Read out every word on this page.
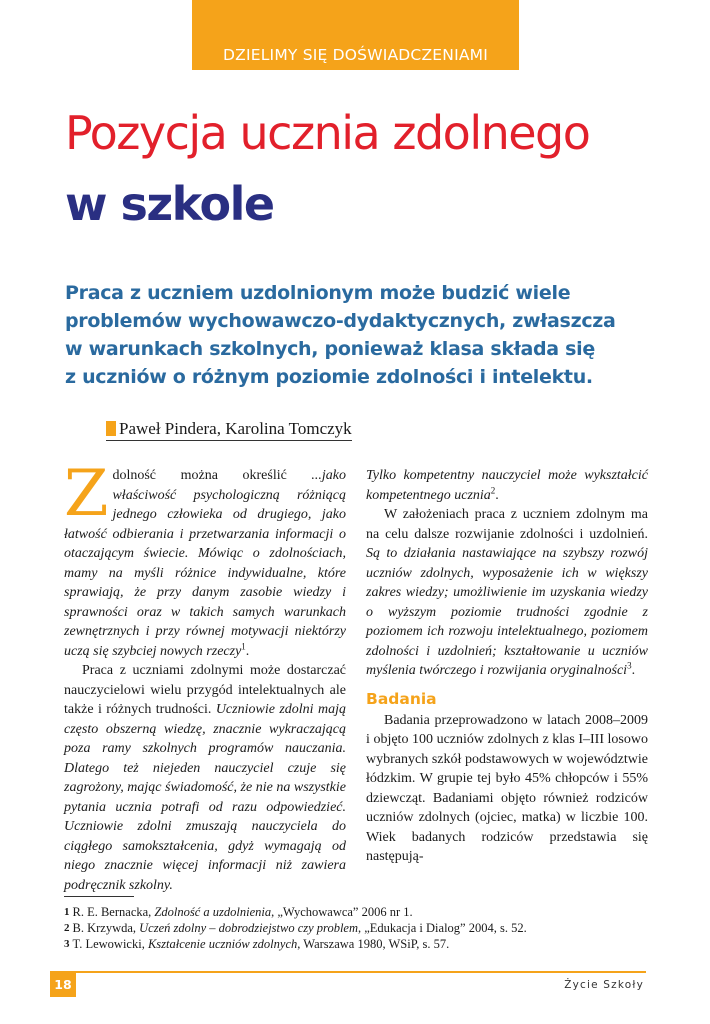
DZIELIMY SIĘ DOŚWIADCZENIAMI
Pozycja ucznia zdolnego
w szkole
Praca z uczniem uzdolnionym może budzić wiele
problemów wychowawczo-dydaktycznych, zwłaszcza
w warunkach szkolnych, ponieważ klasa składa się
z uczniów o różnym poziomie zdolności i intelektu.
Paweł Pindera, Karolina Tomczyk

Zdolność można określić ...jako właściwość psychologiczną różniącą jednego człowieka od drugiego, jako łatwość odbierania i przetwarzania informacji o otaczającym świecie. Mówiąc o zdolnościach, mamy na myśli różnice indywidualne, które sprawiają, że przy danym zasobie wiedzy i sprawności oraz w takich samych warunkach zewnętrznych i przy równej motywacji niektórzy uczą się szybciej nowych rzeczy$^1$.

Praca z uczniami zdolnymi może dostarczać nauczycielowi wielu przygód intelektualnych ale także i różnych trudności. Uczniowie zdolni mają często obszerną wiedzę, znacznie wykraczającą poza ramy szkolnych programów nauczania. Dlatego też niejeden nauczyciel czuje się zagrożony, mając świadomość, że nie na wszystkie pytania ucznia potrafi od razu odpowiedzieć. Uczniowie zdolni zmuszają nauczyciela do ciągłego samokształcenia, gdyż wymagają od niego znacznie więcej informacji niż zawiera podręcznik szkolny.

Tylko kompetentny nauczyciel może wykształcić kompetentnego ucznia$^2$.

W założeniach praca z uczniem zdolnym ma na celu dalsze rozwijanie zdolności i uzdolnień. Są to działania nastawiające na szybszy rozwój uczniów zdolnych, wyposażenie ich w większy zakres wiedzy; umożliwienie im uzyskania wiedzy o wyższym poziomie trudności zgodnie z poziomem ich rozwoju intelektualnego, poziomem zdolności i uzdolnień; kształtowanie u uczniów myślenia twórczego i rozwijania oryginalności$^3$.

Badania

Badania przeprowadzono w latach 2008–2009 i objęto 100 uczniów zdolnych z klas I–III losowo wybranych szkół podstawowych w województwie łódzkim. W grupie tej było 45% chłopców i 55% dziewcząt. Badaniami objęto również rodziców uczniów zdolnych (ojciec, matka) w liczbie 100. Wiek badanych rodziców przedstawia się następują-

1 R. E. Bernacka, Zdolność a uzdolnienia, „Wychowawca” 2006 nr 1.
2 B. Krzywda, Uczeń zdolny – dobrodziejstwo czy problem, „Edukacja i Dialog” 2004, s. 52.
3 T. Lewowicki, Kształcenie uczniów zdolnych, Warszawa 1980, WSiP, s. 57.
18	Życie Szkoły
